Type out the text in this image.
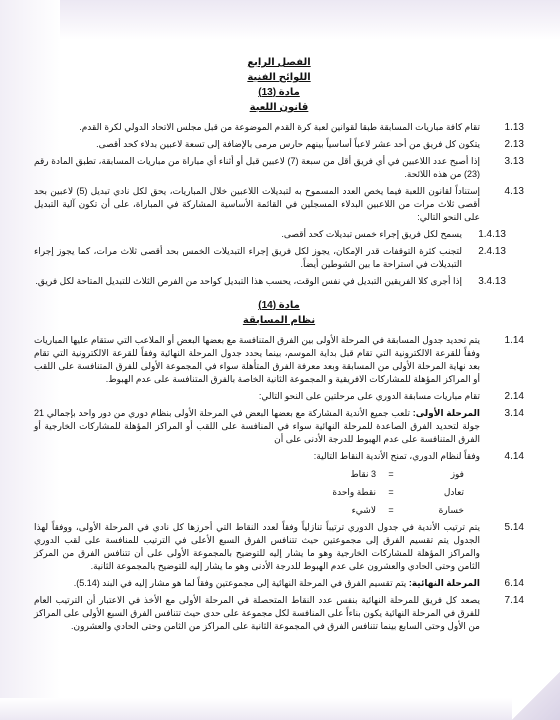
الفصل الرابع

اللوائح الفنية

مادة (13)

قانون اللعبة

1.13
تقام كافة مباريات المسابقة طبقا لقوانين لعبة كرة القدم الموضوعة من قبل مجلس الاتحاد الدولي لكرة القدم.
2.13
يتكون كل فريق من أحد عشر لاعباً أساسياً بينهم حارس مرمى بالإضافة إلى تسعة لاعبين بدلاء كحد أقصى.
3.13
إذا أصبح عدد اللاعبين في أي فريق أقل من سبعة (7) لاعبين قبل أو أثناء أي مباراة من مباريات المسابقة، تطبق المادة رقم (23) من هذه اللائحة.
4.13
إستناداً لقانون اللعبة فيما يخص العدد المسموح به لتبديلات اللاعبين خلال المباريات، يحق لكل نادي تبديل (5) لاعبين بحد أقصى ثلاث مرات من اللاعبين البدلاء المسجلين في القائمة الأساسية المشاركة في المباراة، على أن تكون آلية التبديل على النحو التالي:
1.4.13
يسمح لكل فريق إجراء خمس تبديلات كحد أقصى.
2.4.13
لتجنب كثرة التوقفات قدر الإمكان، يجوز لكل فريق إجراء التبديلات الخمس بحد أقصى ثلاث مرات، كما يجوز إجراء التبديلات في استراحة ما بين الشوطين أيضاً.
3.4.13
إذا أجرى كلا الفريقين التبديل في نفس الوقت، يحسب هذا التبديل كواحد من الفرص الثلاث للتبديل المتاحة لكل فريق.

مادة (14)

نظام المسابقة

1.14
يتم تحديد جدول المسابقة في المرحلة الأولى بين الفرق المتنافسة مع بعضها البعض أو الملاعب التي ستقام عليها المباريات وفقاً للقرعة الالكترونية التي تقام قبل بداية الموسم، بينما يحدد جدول المرحلة النهائية وفقاً للقرعة الالكترونية التي تقام بعد نهاية المرحلة الأولى من المسابقة وبعد معرفة الفرق المتأهلة سواء في المجموعة الأولى للفرق المتنافسة على اللقب أو المراكز المؤهلة للمشاركات الافريقية و المجموعة الثانية الخاصة بالفرق المتنافسة على عدم الهبوط.
2.14
تقام مباريات مسابقة الدوري على مرحلتين على النحو التالي:
3.14
المرحلة الأولى: تلعب جميع الأندية المشاركة مع بعضها البعض في المرحلة الأولى بنظام دوري من دور واحد بإجمالي 21 جولة لتحديد الفرق الصاعدة للمرحلة النهائية سواء في المنافسة على اللقب أو المراكز المؤهلة للمشاركات الخارجية أو الفرق المتنافسة على عدم الهبوط للدرجة الأدنى على أن
4.14
وفقاً لنظام الدوري، تمنح الأندية النقاط التالية:
فوز
=
3 نقاط
تعادل
=
نقطة واحدة
خسارة
=
لاشيء
5.14
يتم ترتيب الأندية في جدول الدوري ترتيباً تنازلياً وفقاً لعدد النقاط التي أحرزها كل نادي في المرحلة الأولى، ووفقاً لهذا الجدول يتم تقسيم الفرق إلى مجموعتين حيث تتنافس الفرق السبع الأعلى في الترتيب للمنافسة على لقب الدوري والمراكز المؤهلة للمشاركات الخارجية وهو ما يشار إليه للتوضيح بالمجموعة الأولى على أن تتنافس الفرق من المركز الثامن وحتى الحادي والعشرون على عدم الهبوط للدرجة الأدنى وهو ما يشار إليه للتوضيح بالمجموعة الثانية.
6.14
المرحلة النهائية: يتم تقسيم الفرق في المرحلة النهائية إلى مجموعتين وفقاً لما هو مشار إليه في البند (5.14).
7.14
يصعد كل فريق للمرحلة النهائية بنفس عدد النقاط المتحصلة في المرحلة الأولى مع الأخذ في الاعتبار أن الترتيب العام للفرق في المرحلة النهائية يكون بناءاً على المنافسة لكل مجموعة على حدى حيث تتنافس الفرق السبع الأولى على المراكز من الأول وحتى السابع بينما تتنافس الفرق في المجموعة الثانية على المراكز من الثامن وحتى الحادي والعشرون.
